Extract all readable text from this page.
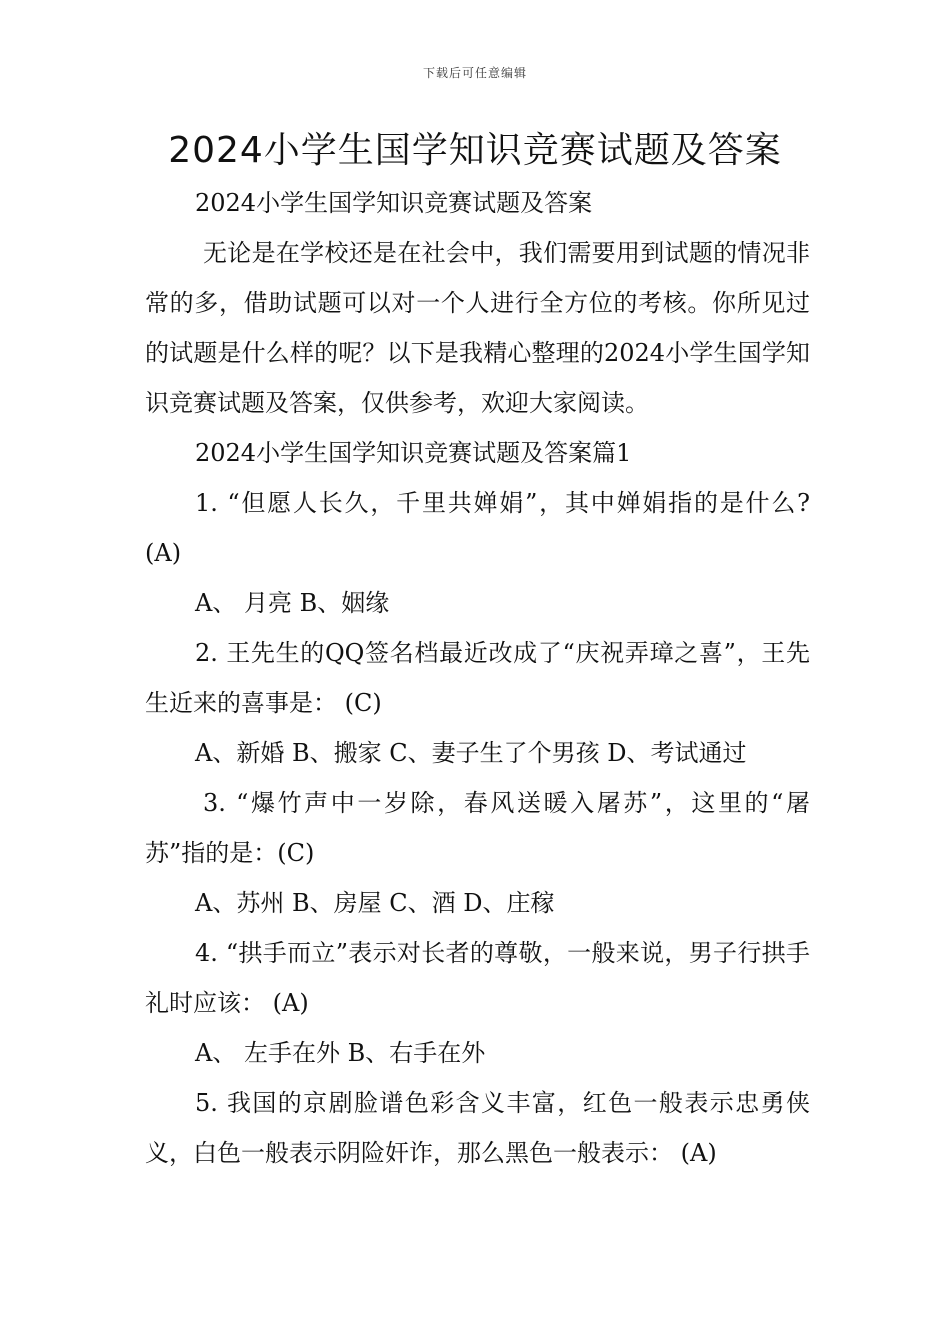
下载后可任意编辑
2024小学生国学知识竞赛试题及答案

2024小学生国学知识竞赛试题及答案

无论是在学校还是在社会中，我们需要用到试题的情况非常的多，借助试题可以对一个人进行全方位的考核。你所见过的试题是什么样的呢？以下是我精心整理的2024小学生国学知识竞赛试题及答案，仅供参考，欢迎大家阅读。

2024小学生国学知识竞赛试题及答案篇1

1. “但愿人长久，千里共婵娟”，其中婵娟指的是什么? (A)

A、 月亮 B、姻缘

2. 王先生的QQ签名档最近改成了“庆祝弄璋之喜”，王先生近来的喜事是： (C)

A、新婚 B、搬家 C、妻子生了个男孩 D、考试通过

3. “爆竹声中一岁除，春风送暖入屠苏”，这里的“屠苏”指的是：(C)

A、苏州 B、房屋 C、酒 D、庄稼

4. “拱手而立”表示对长者的尊敬，一般来说，男子行拱手礼时应该： (A)

A、 左手在外 B、右手在外

5. 我国的京剧脸谱色彩含义丰富，红色一般表示忠勇侠义，白色一般表示阴险奸诈，那么黑色一般表示： (A)
